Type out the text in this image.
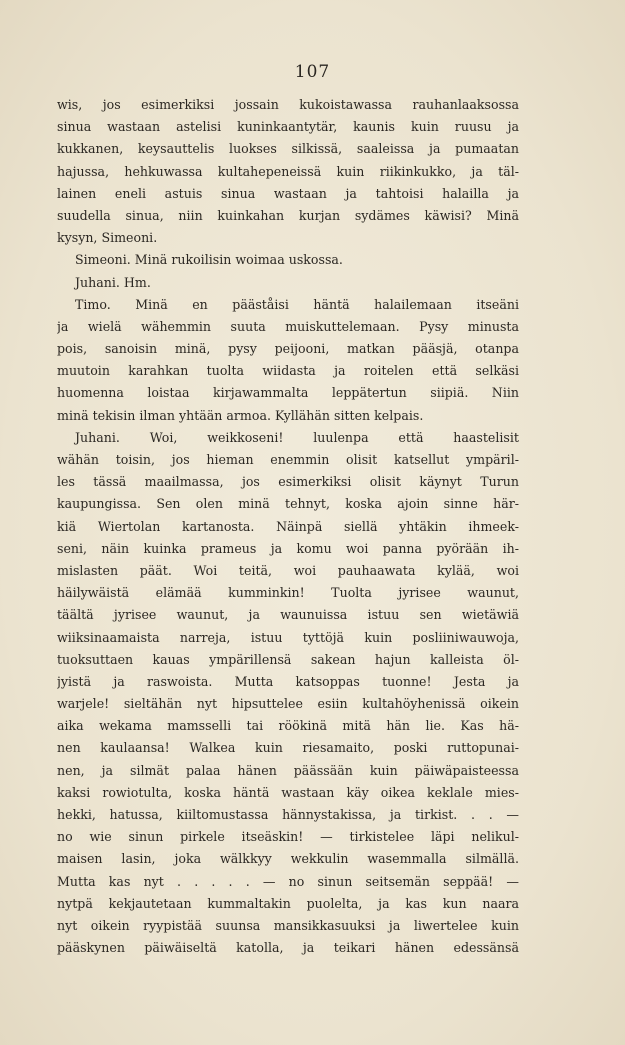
107
wis, jos esimerkiksi jossain kukoistawassa rauhanlaaksossa
sinua wastaan astelisi kuninkaantytär, kaunis kuin ruusu ja
kukkanen, keysauttelis luokses silkissä, saaleissa ja pumaatan
hajussa, hehkuwassa kultahepeneissä kuin riikinkukko, ja täl-
lainen eneli astuis sinua wastaan ja tahtoisi halailla ja
suudella sinua, niin kuinkahan kurjan sydämes käwisi? Minä
kysyn, Simeoni.
Simeoni. Minä rukoilisin woimaa uskossa.
Juhani. Hm.
Timo. Minä en pääståisi häntä halailemaan itseäni
ja wielä wähemmin suuta muiskuttelemaan. Pysy minusta
pois, sanoisin minä, pysy peijooni, matkan pääsjä, otanpa
muutoin karahkan tuolta wiidasta ja roitelen että selkäsi
huomenna loistaa kirjawammalta leppätertun siipiä. Niin
minä tekisin ilman yhtään armoa. Kyllähän sitten kelpais.
Juhani. Woi, weikkoseni! luulenpa että haastelisit
wähän toisin, jos hieman enemmin olisit katsellut ympäril-
les tässä maailmassa, jos esimerkiksi olisit käynyt Turun
kaupungissa. Sen olen minä tehnyt, koska ajoin sinne här-
kiä Wiertolan kartanosta. Näinpä siellä yhtäkin ihmeek-
seni, näin kuinka prameus ja komu woi panna pyörään ih-
mislasten päät. Woi teitä, woi pauhaawata kylää, woi
häilywäistä elämää kumminkin! Tuolta jyrisee waunut,
täältä jyrisee waunut, ja waunuissa istuu sen wietäwiä
wiiksinaamaista narreja, istuu tyttöjä kuin posliiniwauwoja,
tuoksuttaen kauas ympärillensä sakean hajun kalleista öl-
jyistä ja raswoista. Mutta katsoppas tuonne! Jesta ja
warjele! sieltähän nyt hipsuttelee esiin kultahöyhenissä oikein
aika wekama mamsselli tai röökinä mitä hän lie. Kas hä-
nen kaulaansa! Walkea kuin riesamaito, poski ruttopunai-
nen, ja silmät palaa hänen päässään kuin päiwäpaisteessa
kaksi rowiotulta, koska häntä wastaan käy oikea keklale mies-
hekki, hatussa, kiiltomustassa hännystakissa, ja tirkist. . . —
no wie sinun pirkele itseäskin! — tirkistelee läpi nelikul-
maisen lasin, joka wälkkyy wekkulin wasemmalla silmällä.
Mutta kas nyt . . . . . — no sinun seitsemän seppää! —
nytpä kekjautetaan kummaltakin puolelta, ja kas kun naara
nyt oikein ryypistää suunsa mansikkasuuksi ja liwertelee kuin
pääskynen päiwäiseltä katolla, ja teikari hänen edessänsä
